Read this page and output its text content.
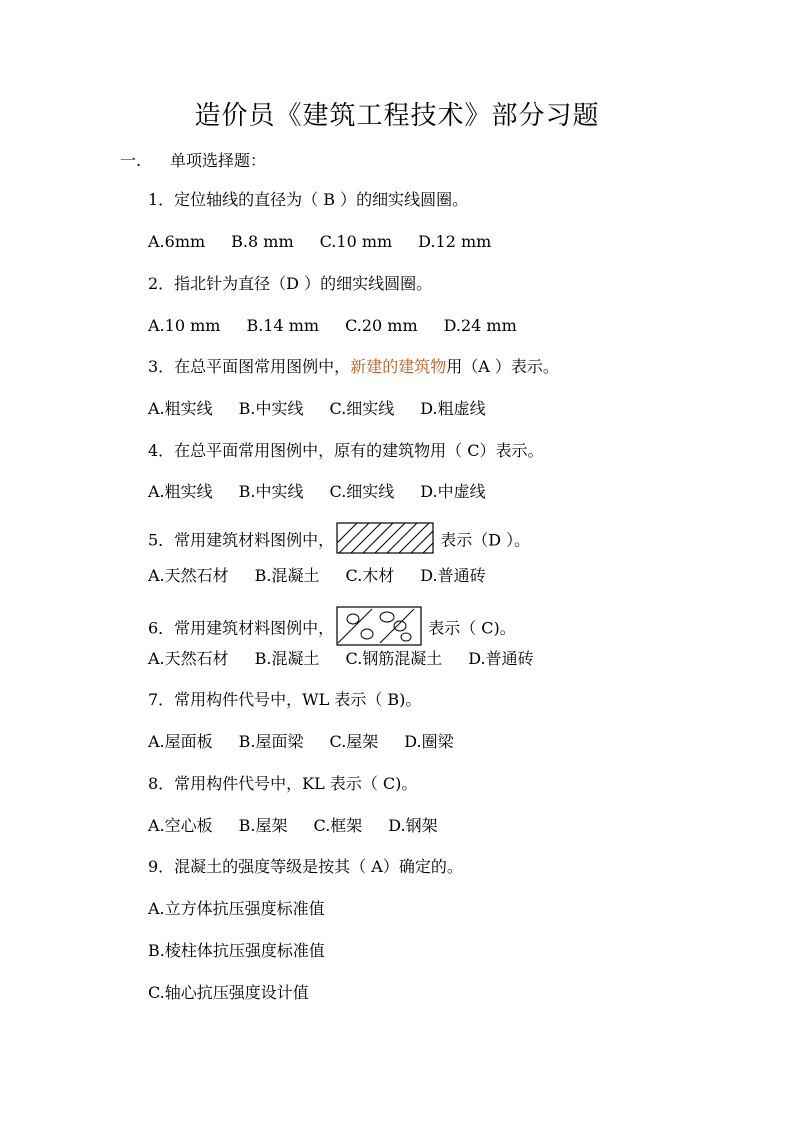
造价员《建筑工程技术》部分习题
一. 单项选择题：
1．定位轴线的直径为（ B ）的细实线圆圈。
A.6mm B.8 mm C.10 mm D.12 mm
2．指北针为直径（D ）的细实线圆圈。
A.10 mm B.14 mm C.20 mm D.24 mm
3．在总平面图常用图例中，新建的建筑物用（A ）表示。
A.粗实线 B.中实线 C.细实线 D.粗虚线
4．在总平面常用图例中，原有的建筑物用（ C）表示。
A.粗实线 B.中实线 C.细实线 D.中虚线
5．常用建筑材料图例中，	表示（D ）。
A.天然石材 B.混凝土 C.木材 D.普通砖
6．常用建筑材料图例中，	表示（ C)。
A.天然石材 B.混凝土 C.钢筋混凝土 D.普通砖
7．常用构件代号中，WL 表示（ B)。
A.屋面板 B.屋面梁 C.屋架 D.圈梁
8．常用构件代号中，KL 表示（ C)。
A.空心板 B.屋架 C.框架 D.钢架
9．混凝土的强度等级是按其（ A）确定的。
A.立方体抗压强度标准值
B.棱柱体抗压强度标准值
C.轴心抗压强度设计值
